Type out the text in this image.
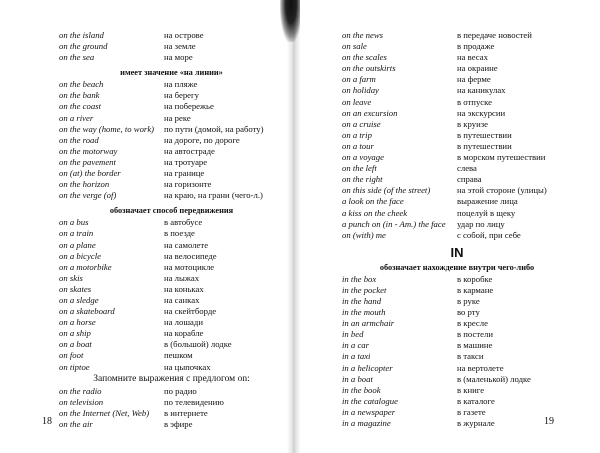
on the island	на острове
on the ground	на земле
on the sea	на море
имеет значение «на линии»
on the beach	на пляже
on the bank	на берегу
on the coast	на побережье
on a river	на реке
on the way (home, to work)	по пути (домой, на работу)
on the road	на дороге, по дороге
on the motorway	на автостраде
on the pavement	на тротуаре
on (at) the border	на границе
on the horizon	на горизонте
on the verge (of)	на краю, на грани (чего-л.)
обозначает способ передвижения
on a bus	в автобусе
on a train	в поезде
on a plane	на самолете
on a bicycle	на велосипеде
on a motorbike	на мотоцикле
on skis	на лыжах
on skates	на коньках
on a sledge	на санках
on a skateboard	на скейтборде
on a horse	на лошади
on a ship	на корабле
on a boat	в (большой) лодке
on foot	пешком
on tiptoe	на цыпочках
Запомните выражения с предлогом on:
on the radio	по радио
on television	по телевидению
on the Internet (Net, Web)	в интернете
on the air	в эфире
18
on the news	в передаче новостей
on sale	в продаже
on the scales	на весах
on the outskirts	на окраине
on a farm	на ферме
on holiday	на каникулах
on leave	в отпуске
on an excursion	на экскурсии
on a cruise	в круизе
on a trip	в путешествии
on a tour	в путешествии
on a voyage	в морском путешествии
on the left	слева
on the right	справа
on this side (of the street)	на этой стороне (улицы)
a look on the face	выражение лица
a kiss on the cheek	поцелуй в щеку
a punch on (in - Am.) the face	удар по лицу
on (with) me	с собой, при себе
IN
обозначает нахождение внутри чего-либо
in the box	в коробке
in the pocket	в кармане
in the hand	в руке
in the mouth	во рту
in an armchair	в кресле
in bed	в постели
in a car	в машине
in a taxi	в такси
in a helicopter	на вертолете
in a boat	в (маленькой) лодке
in the book	в книге
in the catalogue	в каталоге
in a newspaper	в газете
in a magazine	в журнале	19
